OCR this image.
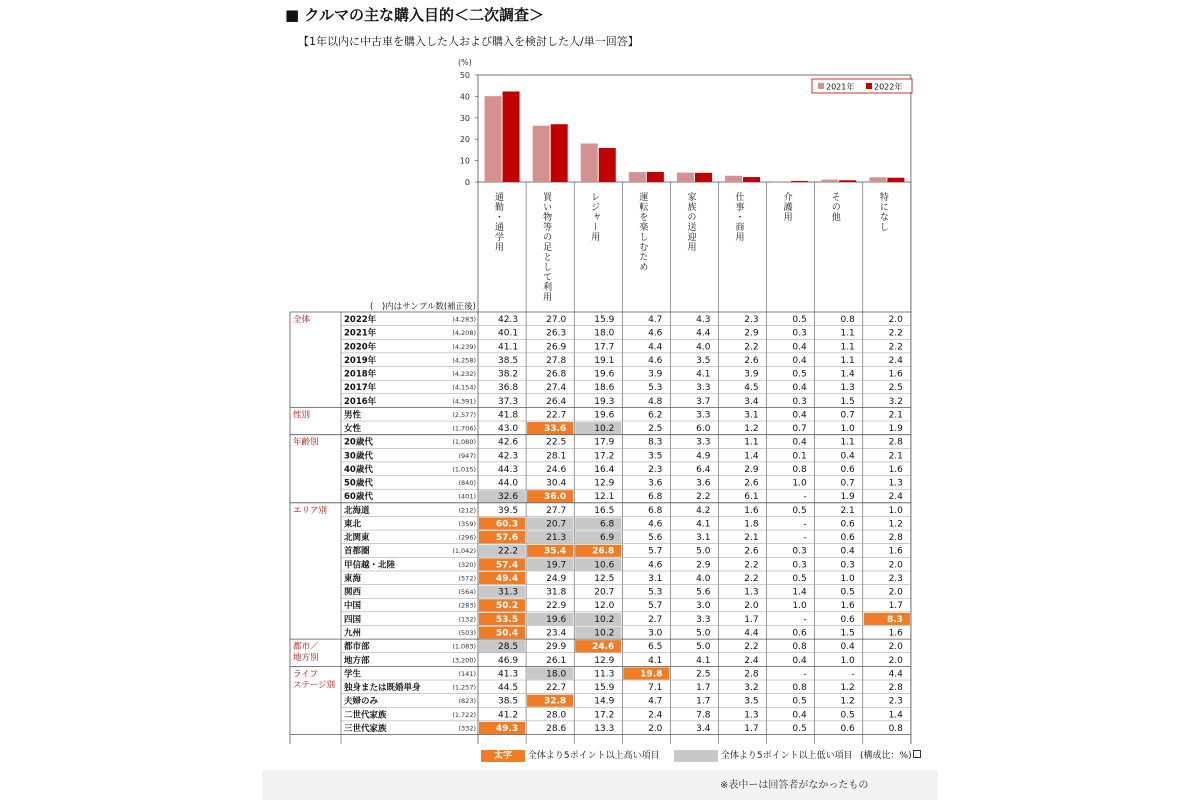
■ クルマの主な購入目的＜二次調査＞
【1年以内に中古車を購入した人および購入を検討した人/単一回答】
(%)
0
10
20
30
40
50
2021年 2022年
通勤・通学用	買い物等の足として利用	レジャー用	運転を楽しむため	家族の送迎用	仕事・商用	介護用	その他	特になし
(　)内はサンプル数(補正後)
全体	2022年	(4,283) 42.3	27.0	15.9	4.7	4.3	2.3	0.5	0.8	2.0
2021年	(4,208) 40.1	26.3	18.0	4.6	4.4	2.9	0.3	1.1	2.2
2020年	(4,239) 41.1	26.9	17.7	4.4	4.0	2.2	0.4	1.1	2.2
2019年	(4,258) 38.5	27.8	19.1	4.6	3.5	2.6	0.4	1.1	2.4
2018年	(4,232) 38.2	26.8	19.6	3.9	4.1	3.9	0.5	1.4	1.6
2017年	(4,154) 36.8	27.4	18.6	5.3	3.3	4.5	0.4	1.3	2.5
2016年	(4,391) 37.3	26.4	19.3	4.8	3.7	3.4	0.3	1.5	3.2
性別	男性	(2,577) 41.8	22.7	19.6	6.2	3.3	3.1	0.4	0.7	2.1
女性	(1,706) 43.0	33.6	10.2	2.5	6.0	1.2	0.7	1.0	1.9
年齢別	20歳代	(1,080) 42.6	22.5	17.9	8.3	3.3	1.1	0.4	1.1	2.8
30歳代	(947) 42.3	28.1	17.2	3.5	4.9	1.4	0.1	0.4	2.1
40歳代	(1,015) 44.3	24.6	16.4	2.3	6.4	2.9	0.8	0.6	1.6
50歳代	(840) 44.0	30.4	12.9	3.6	3.6	2.6	1.0	0.7	1.3
60歳代	(401) 32.6	36.0	12.1	6.8	2.2	6.1	-	1.9	2.4
エリア別 北海道	(212) 39.5	27.7	16.5	6.8	4.2	1.6	0.5	2.1	1.0
東北	(359) 60.3	20.7	6.8	4.6	4.1	1.8	-	0.6	1.2
北関東	(296) 57.6	21.3	6.9	5.6	3.1	2.1	-	0.6	2.8
首都圏	(1,042) 22.2	35.4	26.8	5.7	5.0	2.6	0.3	0.4	1.6
甲信越・北陸	(320) 57.4	19.7	10.6	4.6	2.9	2.2	0.3	0.3	2.0
東海	(572) 49.4	24.9	12.5	3.1	4.0	2.2	0.5	1.0	2.3
関西	(564) 31.3	31.8	20.7	5.3	5.6	1.3	1.4	0.5	2.0
中国	(283) 50.2	22.9	12.0	5.7	3.0	2.0	1.0	1.6	1.7
四国	(132) 53.5	19.6	10.2	2.7	3.3	1.7	-	0.6	8.3
九州	(503) 50.4	23.4	10.2	3.0	5.0	4.4	0.6	1.5	1.6
都市／
地方別
都市部	(1,083) 28.5	29.9	24.6	6.5	5.0	2.2	0.8	0.4	2.0
地方部	(3,200) 46.9	26.1	12.9	4.1	4.1	2.4	0.4	1.0	2.0
ライフ
ステージ別
学生	(141) 41.3	18.0	11.3	19.8	2.5	2.8	-	-	4.4
独身または既婚単身	(1,257) 44.5	22.7	15.9	7.1	1.7	3.2	0.8	1.2	2.8
夫婦のみ	(823) 38.5	32.8	14.9	4.7	1.7	3.5	0.5	1.2	2.3
二世代家族	(1,722) 41.2	28.0	17.2	2.4	7.8	1.3	0.4	0.5	1.4
三世代家族	(332) 49.3	28.6	13.3	2.0	3.4	1.7	0.5	0.6	0.8
太字 全体より5ポイント以上高い項目	全体より5ポイント以上低い項目 (構成比：%)
※表中ーは回答者がなかったもの
